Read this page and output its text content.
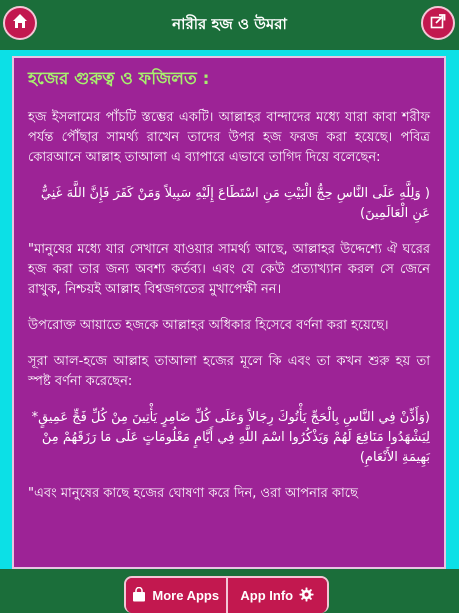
নারীর হজ ও উমরা
হজের গুরুত্ব ও ফজিলত :

হজ ইসলামের পাঁচটি স্তম্ভের একটি। আল্লাহর বান্দাদের মধ্যে যারা কাবা শরীফ পর্যন্ত পৌঁছার সামর্থ্য রাখেন তাদের উপর হজ ফরজ করা হয়েছে। পবিত্র কোরআনে আল্লাহ তাআলা এ ব্যাপারে এভাবে তাগিদ দিয়ে বলেছেন:

( وَلِلَّهِ عَلَى النَّاسِ حِجُّ الْبَيْتِ مَنِ اسْتَطَاعَ إِلَيْهِ سَبِيلاً وَمَنْ كَفَرَ فَإِنَّ اللَّهَ غَنِيٌّ عَنِ الْعَالَمِينَ)

"মানুষের মধ্যে যার সেখানে যাওয়ার সামর্থ্য আছে, আল্লাহর উদ্দেশ্যে ঐ ঘরের হজ করা তার জন্য অবশ্য কর্তব্য। এবং যে কেউ প্রত্যাখ্যান করল সে জেনে রাখুক, নিশ্চয়ই আল্লাহ বিশ্বজগতের মুখাপেক্ষী নন।

উপরোক্ত আয়াতে হজকে আল্লাহর অধিকার হিসেবে বর্ণনা করা হয়েছে।

সূরা আল-হজে আল্লাহ তাআলা হজের মূলে কি এবং তা কখন শুরু হয় তা স্পষ্ট বর্ণনা করেছেন:

(وَأَذِّنْ فِي النَّاسِ بِالْحَجِّ يَأْتُوكَ رِجَالاً وَعَلَى كُلِّ ضَامِرٍ يَأْتِينَ مِنْ كُلِّ فَجٍّ عَمِيقٍ* لِيَشْهَدُوا مَنَافِعَ لَهُمْ وَيَذْكُرُوا اسْمَ اللَّهِ فِي أَيَّامٍ مَعْلُومَاتٍ عَلَى مَا رَزَقَهُمْ مِنْ بَهِيمَةِ الأَنْعَامِ)

"এবং মানুষের কাছে হজের ঘোষণা করে দিন, ওরা আপনার কাছে

More Apps App Info
